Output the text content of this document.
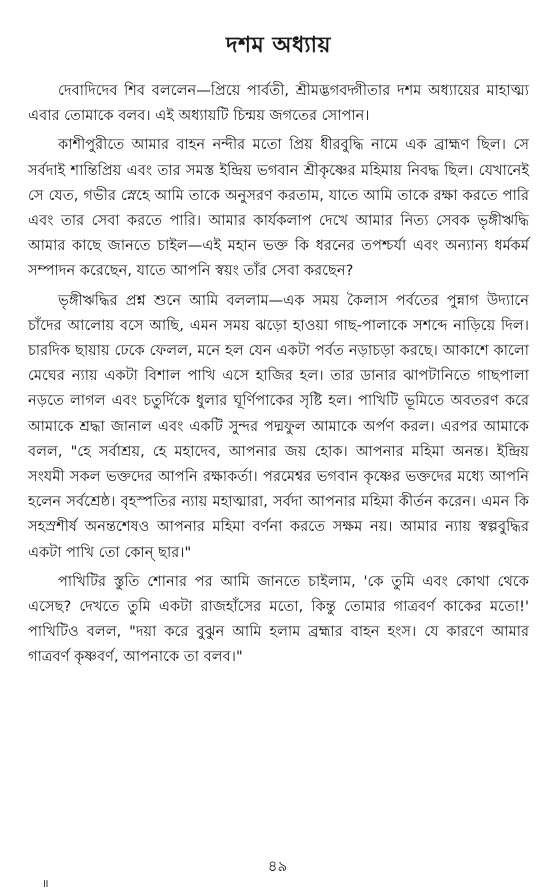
দশম অধ্যায়

দেবাদিদেব শিব বললেন—প্রিয়ে পার্বতী, শ্রীমদ্ভগবদ্গীতার দশম অধ্যায়ের মাহাত্ম্য এবার তোমাকে বলব। এই অধ্যায়টি চিন্ময় জগতের সোপান।

কাশীপুরীতে আমার বাহন নন্দীর মতো প্রিয় ধীরবুদ্ধি নামে এক ব্রাহ্মণ ছিল। সে সর্বদাই শান্তিপ্রিয় এবং তার সমস্ত ইন্দ্রিয় ভগবান শ্রীকৃষ্ণের মহিমায় নিবদ্ধ ছিল। যেখানেই সে যেত, গভীর স্নেহে আমি তাকে অনুসরণ করতাম, যাতে আমি তাকে রক্ষা করতে পারি এবং তার সেবা করতে পারি। আমার কার্যকলাপ দেখে আমার নিত্য সেবক ভৃঙ্গীঋদ্ধি আমার কাছে জানতে চাইল—এই মহান ভক্ত কি ধরনের তপশ্চর্যা এবং অন্যান্য ধর্মকর্ম সম্পাদন করেছেন, যাতে আপনি স্বয়ং তাঁর সেবা করছেন?

ভৃঙ্গীঋদ্ধির প্রশ্ন শুনে আমি বললাম—এক সময় কৈলাস পর্বতের পুন্নাগ উদ্যানে চাঁদের আলোয় বসে আছি, এমন সময় ঝড়ো হাওয়া গাছ-পালাকে সশব্দে নাড়িয়ে দিল। চারদিক ছায়ায় ঢেকে ফেলল, মনে হল যেন একটা পর্বত নড়াচড়া করছে। আকাশে কালো মেঘের ন্যায় একটা বিশাল পাখি এসে হাজির হল। তার ডানার ঝাপটানিতে গাছপালা নড়তে লাগল এবং চতুর্দিকে ধুলার ঘূর্ণিপাকের সৃষ্টি হল। পাখিটি ভূমিতে অবতরণ করে আমাকে শ্রদ্ধা জানাল এবং একটি সুন্দর পদ্মফুল আমাকে অর্পণ করল। এরপর আমাকে বলল, "হে সর্বাশ্রয়, হে মহাদেব, আপনার জয় হোক। আপনার মহিমা অনন্ত। ইন্দ্রিয় সংযমী সকল ভক্তদের আপনি রক্ষাকর্তা। পরমেশ্বর ভগবান কৃষ্ণের ভক্তদের মধ্যে আপনি হলেন সর্বশ্রেষ্ঠ। বৃহস্পতির ন্যায় মহাত্মারা, সর্বদা আপনার মহিমা কীর্তন করেন। এমন কি সহস্রশীর্ষ অনন্তশেষও আপনার মহিমা বর্ণনা করতে সক্ষম নয়। আমার ন্যায় স্বল্পবুদ্ধির একটা পাখি তো কোন্ ছার।"

পাখিটির স্তুতি শোনার পর আমি জানতে চাইলাম, 'কে তুমি এবং কোথা থেকে এসেছ? দেখতে তুমি একটা রাজহাঁসের মতো, কিন্তু তোমার গাত্রবর্ণ কাকের মতো!' পাখিটিও বলল, "দয়া করে বুঝুন আমি হলাম ব্রহ্মার বাহন হংস। যে কারণে আমার গাত্রবর্ণ কৃষ্ণবর্ণ, আপনাকে তা বলব।"

৪৯
॥
